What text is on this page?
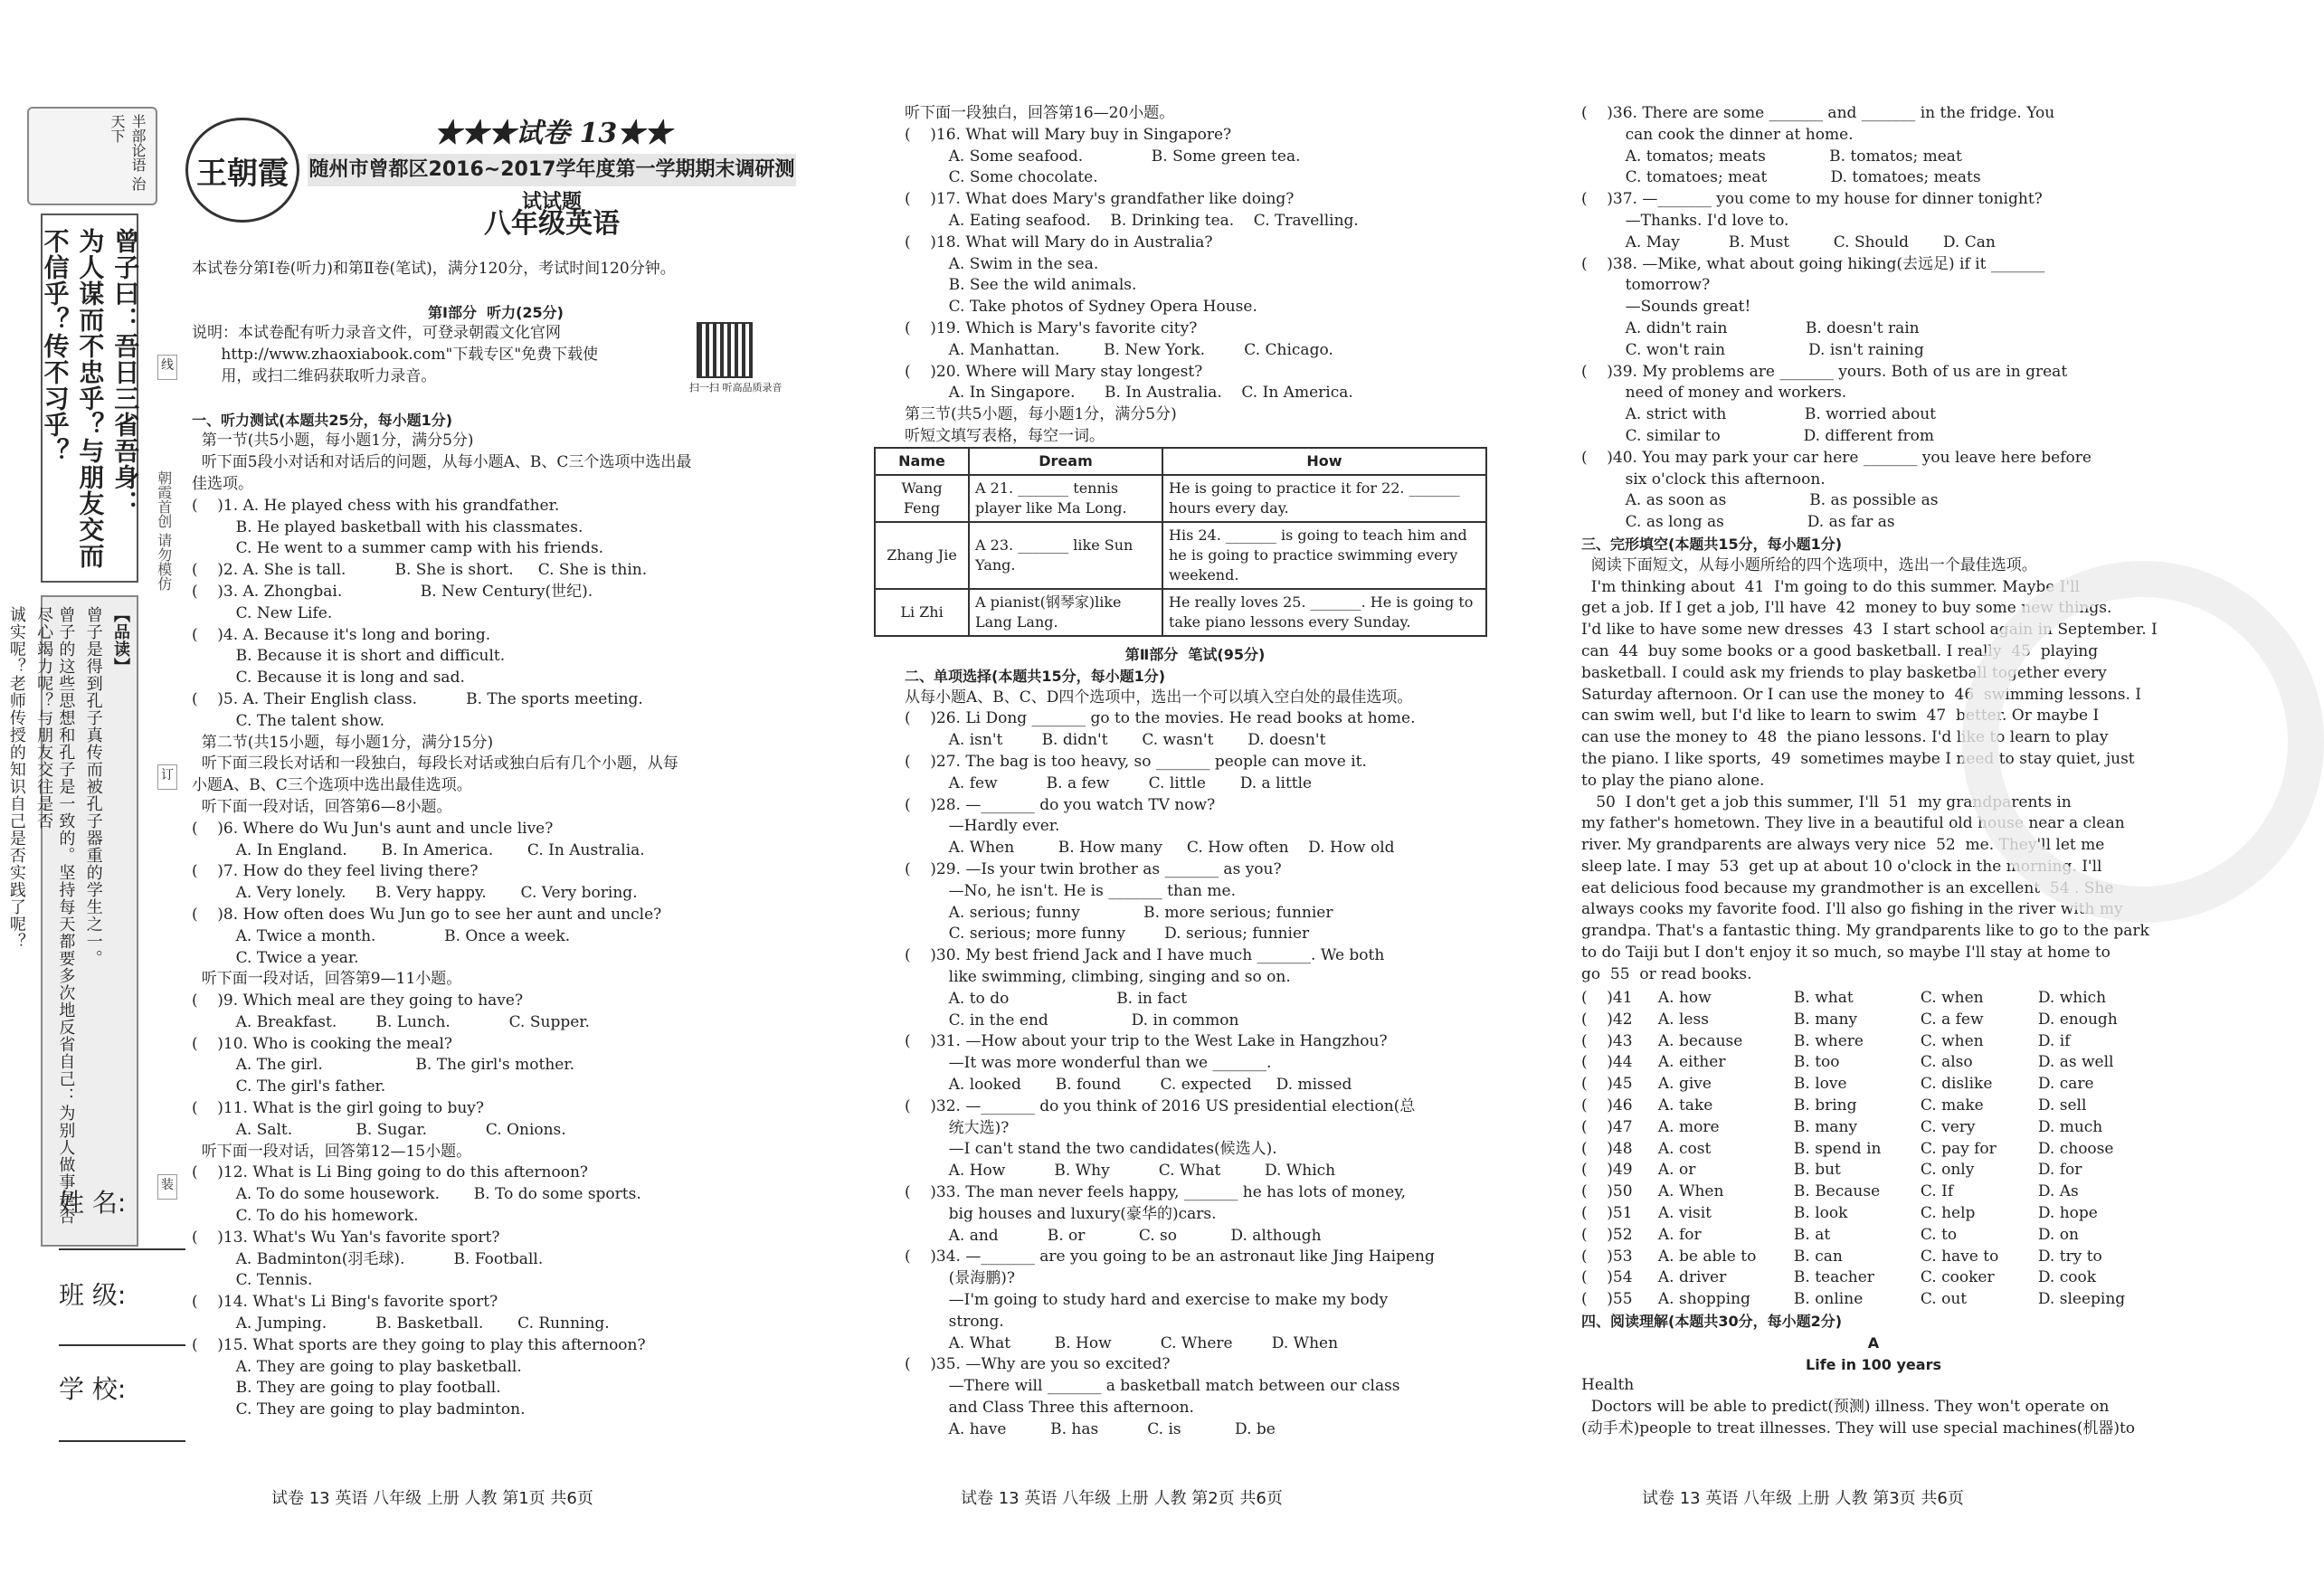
半部论语 治天下
曾子曰：吾日三省吾身：
为人谋而不忠乎？与朋友交而
不信乎？传不习乎？
【品读】
曾子是得到孔子真传而被孔子器重的学生之一。
曾子的这些思想和孔子是一致的。坚持每天都要多次地反省自己：为别人做事是否尽心竭力呢？与朋友交往是否
诚实呢？老师传授的知识自己是否实践了呢？
姓 名:
班 级:
学 校:
朝霞首创 请勿模仿
线
订
装
王朝霞
★★★试卷 13★★
随州市曾都区2016~2017学年度第一学期期末调研测试试题
八年级英语
扫一扫 听高品质录音
本试卷分第Ⅰ卷(听力)和第Ⅱ卷(笔试)，满分120分，考试时间120分钟。
第Ⅰ部分  听力(25分)
说明：本试卷配有听力录音文件，可登录朝霞文化官网
http://www.zhaoxiabook.com"下载专区"免费下载使
用，或扫二维码获取听力录音。
一、听力测试(本题共25分，每小题1分)
第一节(共5小题，每小题1分，满分5分)
听下面5段小对话和对话后的问题，从每小题A、B、C三个选项中选出最
佳选项。
(    )1. A. He played chess with his grandfather.
B. He played basketball with his classmates.
C. He went to a summer camp with his friends.
(    )2. A. She is tall.          B. She is short.     C. She is thin.
(    )3. A. Zhongbai.                B. New Century(世纪).
C. New Life.
(    )4. A. Because it's long and boring.
B. Because it is short and difficult.
C. Because it is long and sad.
(    )5. A. Their English class.          B. The sports meeting.
C. The talent show.
第二节(共15小题，每小题1分，满分15分)
听下面三段长对话和一段独白，每段长对话或独白后有几个小题，从每
小题A、B、C三个选项中选出最佳选项。
听下面一段对话，回答第6—8小题。
(    )6. Where do Wu Jun's aunt and uncle live?
A. In England.       B. In America.       C. In Australia.
(    )7. How do they feel living there?
A. Very lonely.      B. Very happy.       C. Very boring.
(    )8. How often does Wu Jun go to see her aunt and uncle?
A. Twice a month.              B. Once a week.
C. Twice a year.
听下面一段对话，回答第9—11小题。
(    )9. Which meal are they going to have?
A. Breakfast.        B. Lunch.            C. Supper.
(    )10. Who is cooking the meal?
A. The girl.                   B. The girl's mother.
C. The girl's father.
(    )11. What is the girl going to buy?
A. Salt.             B. Sugar.            C. Onions.
听下面一段对话，回答第12—15小题。
(    )12. What is Li Bing going to do this afternoon?
A. To do some housework.       B. To do some sports.
C. To do his homework.
(    )13. What's Wu Yan's favorite sport?
A. Badminton(羽毛球).          B. Football.
C. Tennis.
(    )14. What's Li Bing's favorite sport?
A. Jumping.          B. Basketball.       C. Running.
(    )15. What sports are they going to play this afternoon?
A. They are going to play basketball.
B. They are going to play football.
C. They are going to play badminton.
听下面一段独白，回答第16—20小题。
(    )16. What will Mary buy in Singapore?
A. Some seafood.              B. Some green tea.
C. Some chocolate.
(    )17. What does Mary's grandfather like doing?
A. Eating seafood.    B. Drinking tea.    C. Travelling.
(    )18. What will Mary do in Australia?
A. Swim in the sea.
B. See the wild animals.
C. Take photos of Sydney Opera House.
(    )19. Which is Mary's favorite city?
A. Manhattan.         B. New York.        C. Chicago.
(    )20. Where will Mary stay longest?
A. In Singapore.      B. In Australia.    C. In America.
第三节(共5小题，每小题1分，满分5分)
听短文填写表格，每空一词。
Name	Dream	How
Wang Feng	A 21. _______ tennis player like Ma Long.	He is going to practice it for 22. _______ hours every day.
Zhang Jie	A 23. _______ like Sun Yang.	His 24. _______ is going to teach him and he is going to practice swimming every weekend.
Li Zhi	A pianist(钢琴家)like Lang Lang.	He really loves 25. _______. He is going to take piano lessons every Sunday.
第Ⅱ部分  笔试(95分)
二、单项选择(本题共15分，每小题1分)
从每小题A、B、C、D四个选项中，选出一个可以填入空白处的最佳选项。
(    )26. Li Dong _______ go to the movies. He read books at home.
A. isn't        B. didn't       C. wasn't       D. doesn't
(    )27. The bag is too heavy, so _______ people can move it.
A. few          B. a few        C. little       D. a little
(    )28. —_______ do you watch TV now?
—Hardly ever.
A. When         B. How many     C. How often    D. How old
(    )29. —Is your twin brother as _______ as you?
—No, he isn't. He is _______ than me.
A. serious; funny             B. more serious; funnier
C. serious; more funny        D. serious; funnier
(    )30. My best friend Jack and I have much _______. We both
like swimming, climbing, singing and so on.
A. to do                      B. in fact
C. in the end                 D. in common
(    )31. —How about your trip to the West Lake in Hangzhou?
—It was more wonderful than we _______.
A. looked       B. found        C. expected     D. missed
(    )32. —_______ do you think of 2016 US presidential election(总
统大选)?
—I can't stand the two candidates(候选人).
A. How          B. Why          C. What         D. Which
(    )33. The man never feels happy, _______ he has lots of money,
big houses and luxury(豪华的)cars.
A. and          B. or           C. so           D. although
(    )34. —_______ are you going to be an astronaut like Jing Haipeng
(景海鹏)?
—I'm going to study hard and exercise to make my body
strong.
A. What         B. How          C. Where        D. When
(    )35. —Why are you so excited?
—There will _______ a basketball match between our class
and Class Three this afternoon.
A. have         B. has          C. is           D. be
(    )36. There are some _______ and _______ in the fridge. You
can cook the dinner at home.
A. tomatos; meats             B. tomatos; meat
C. tomatoes; meat             D. tomatoes; meats
(    )37. —_______ you come to my house for dinner tonight?
—Thanks. I'd love to.
A. May          B. Must         C. Should       D. Can
(    )38. —Mike, what about going hiking(去远足) if it _______
tomorrow?
—Sounds great!
A. didn't rain                B. doesn't rain
C. won't rain                 D. isn't raining
(    )39. My problems are _______ yours. Both of us are in great
need of money and workers.
A. strict with                B. worried about
C. similar to                 D. different from
(    )40. You may park your car here _______ you leave here before
six o'clock this afternoon.
A. as soon as                 B. as possible as
C. as long as                 D. as far as
三、完形填空(本题共15分，每小题1分)
阅读下面短文，从每小题所给的四个选项中，选出一个最佳选项。
I'm thinking about  41  I'm going to do this summer. Maybe I'll
get a job. If I get a job, I'll have  42  money to buy some new things.
I'd like to have some new dresses  43  I start school again in September. I
can  44  buy some books or a good basketball. I really  45  playing
basketball. I could ask my friends to play basketball together every
Saturday afternoon. Or I can use the money to  46  swimming lessons. I
can swim well, but I'd like to learn to swim  47  better. Or maybe I
can use the money to  48  the piano lessons. I'd like to learn to play
the piano. I like sports,  49  sometimes maybe I need to stay quiet, just
to play the piano alone.
50  I don't get a job this summer, I'll  51  my grandparents in
my father's hometown. They live in a beautiful old house near a clean
river. My grandparents are always very nice  52  me. They'll let me
sleep late. I may  53  get up at about 10 o'clock in the morning. I'll
eat delicious food because my grandmother is an excellent  54 . She
always cooks my favorite food. I'll also go fishing in the river with my
grandpa. That's a fantastic thing. My grandparents like to go to the park
to do Taiji but I don't enjoy it so much, so maybe I'll stay at home to
go  55  or read books.
(    )41 A. how	B. what	C. when	D. which
(    )42 A. less	B. many	C. a few	D. enough
(    )43 A. because	B. where	C. when	D. if
(    )44 A. either	B. too	C. also	D. as well
(    )45 A. give	B. love	C. dislike	D. care
(    )46 A. take	B. bring	C. make	D. sell
(    )47 A. more	B. many	C. very	D. much
(    )48 A. cost	B. spend in	C. pay for	D. choose
(    )49 A. or	B. but	C. only	D. for
(    )50 A. When	B. Because	C. If	D. As
(    )51 A. visit	B. look	C. help	D. hope
(    )52 A. for	B. at	C. to	D. on
(    )53 A. be able to B. can	C. have to	D. try to
(    )54 A. driver	B. teacher	C. cooker	D. cook
(    )55 A. shopping	B. online	C. out	D. sleeping
四、阅读理解(本题共30分，每小题2分)
A
Life in 100 years
Health
Doctors will be able to predict(预测) illness. They won't operate on
(动手术)people to treat illnesses. They will use special machines(机器)to
试卷 13 英语 八年级 上册 人教 第1页 共6页	试卷 13 英语 八年级 上册 人教 第2页 共6页	试卷 13 英语 八年级 上册 人教 第3页 共6页
